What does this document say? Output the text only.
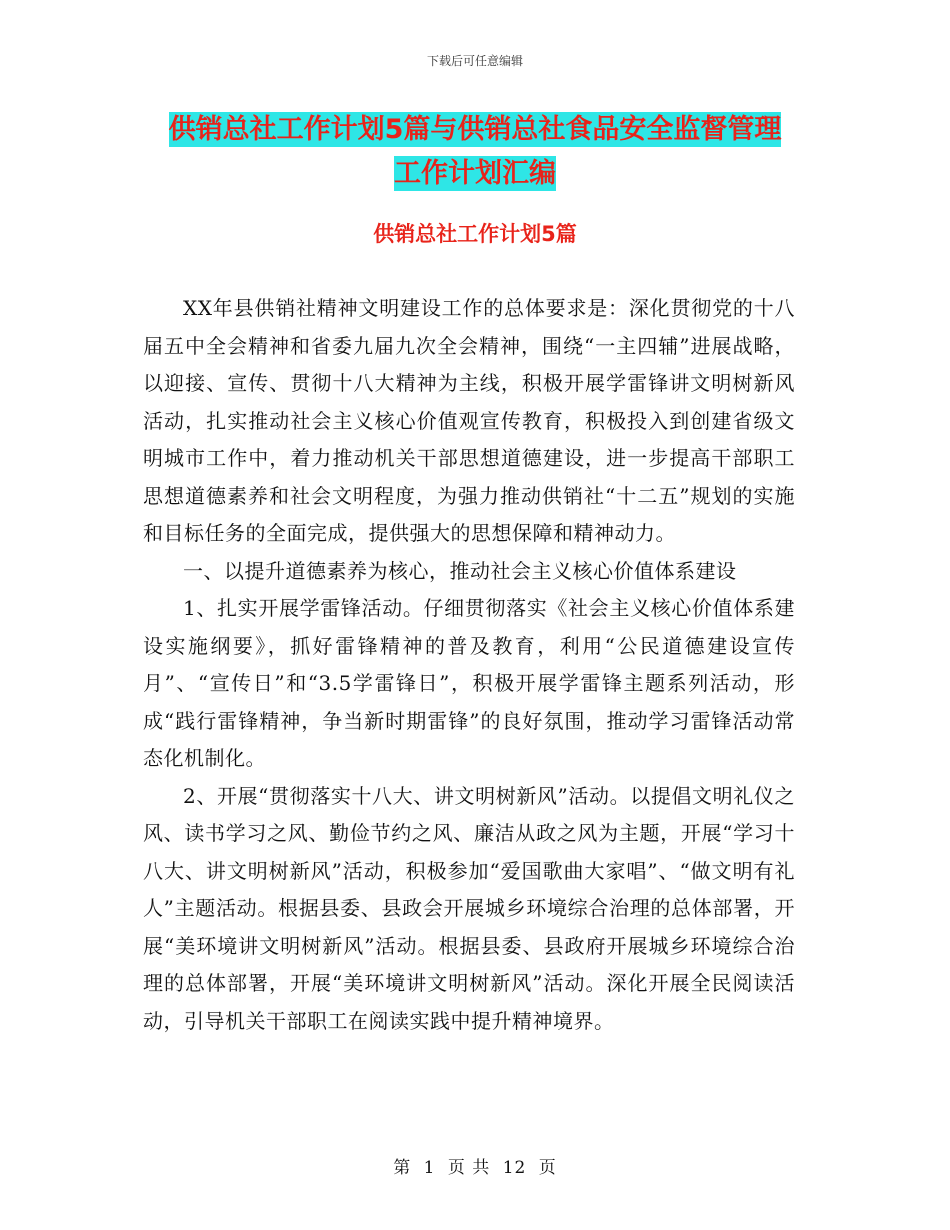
下载后可任意编辑
供销总社工作计划5篇与供销总社食品安全监督管理
工作计划汇编
供销总社工作计划5篇

XX年县供销社精神文明建设工作的总体要求是：深化贯彻党的十八届五中全会精神和省委九届九次全会精神，围绕“一主四辅”进展战略，以迎接、宣传、贯彻十八大精神为主线，积极开展学雷锋讲文明树新风活动，扎实推动社会主义核心价值观宣传教育，积极投入到创建省级文明城市工作中，着力推动机关干部思想道德建设，进一步提高干部职工思想道德素养和社会文明程度，为强力推动供销社“十二五”规划的实施和目标任务的全面完成，提供强大的思想保障和精神动力。

一、以提升道德素养为核心，推动社会主义核心价值体系建设

1、扎实开展学雷锋活动。仔细贯彻落实《社会主义核心价值体系建设实施纲要》，抓好雷锋精神的普及教育，利用“公民道德建设宣传月”、“宣传日”和“3.5学雷锋日”，积极开展学雷锋主题系列活动，形成“践行雷锋精神，争当新时期雷锋”的良好氛围，推动学习雷锋活动常态化机制化。

2、开展“贯彻落实十八大、讲文明树新风”活动。以提倡文明礼仪之风、读书学习之风、勤俭节约之风、廉洁从政之风为主题，开展“学习十八大、讲文明树新风”活动，积极参加“爱国歌曲大家唱”、“做文明有礼人”主题活动。根据县委、县政会开展城乡环境综合治理的总体部署，开展“美环境讲文明树新风”活动。根据县委、县政府开展城乡环境综合治理的总体部署，开展“美环境讲文明树新风”活动。深化开展全民阅读活动，引导机关干部职工在阅读实践中提升精神境界。

第 1 页 共 12 页
